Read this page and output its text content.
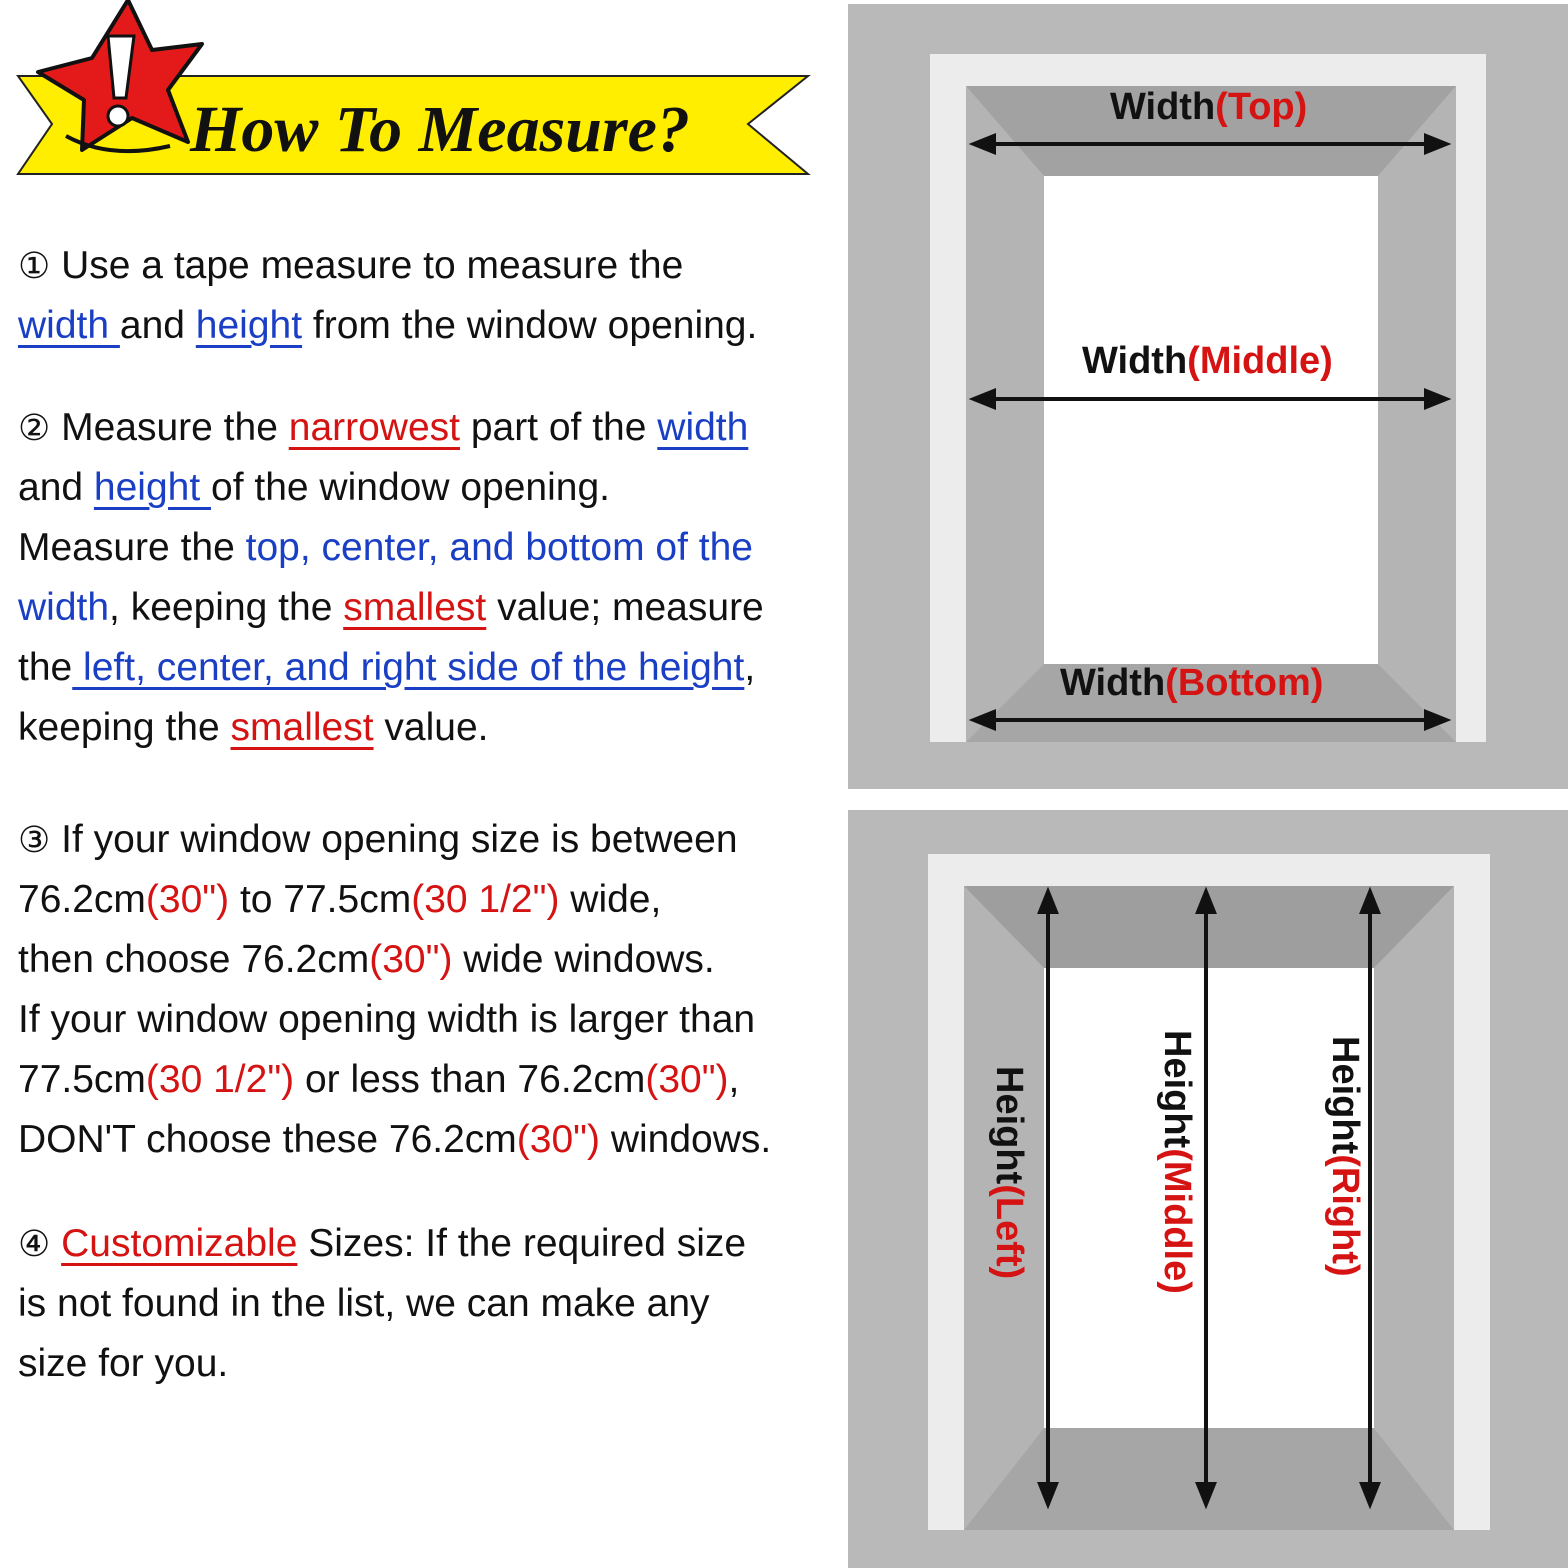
How To Measure?
① Use a tape measure to measure the
width and height from the window opening.
② Measure the narrowest part of the width
and height of the window opening.
Measure the top, center, and bottom of the
width, keeping the smallest value; measure
the left, center, and right side of the height,
keeping the smallest value.
③ If your window opening size is between
76.2cm(30") to 77.5cm(30 1/2") wide,
then choose 76.2cm(30") wide windows.
If your window opening width is larger than
77.5cm(30 1/2") or less than 76.2cm(30"),
DON'T choose these 76.2cm(30") windows.
④ Customizable Sizes: If the required size
is not found in the list, we can make any
size for you.
Width(Top)
Width(Middle)
Width(Bottom)
Height(Left)
Height(Middle)
Height(Right)
